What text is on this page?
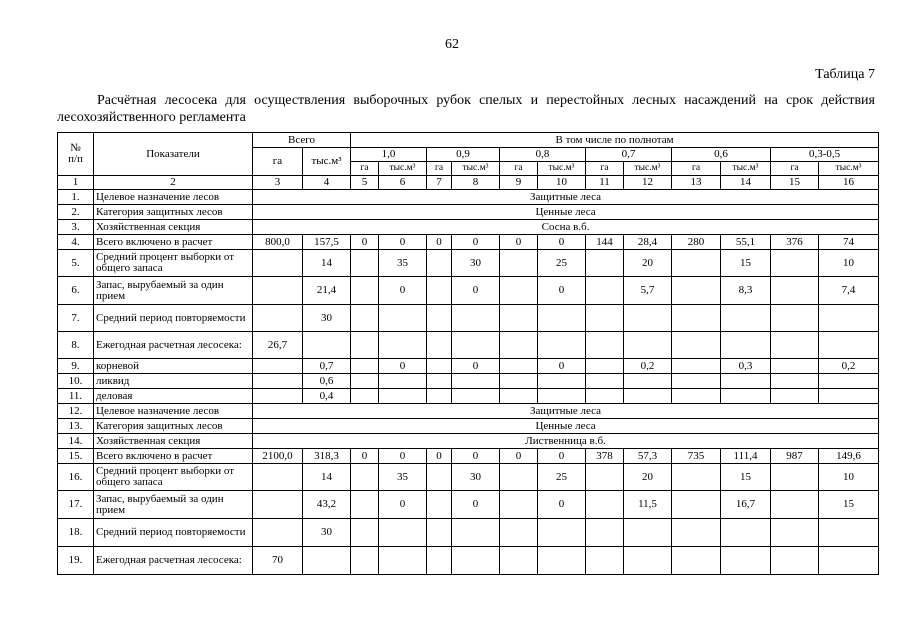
62
Таблица 7
Расчётная лесосека для осуществления выборочных рубок спелых и перестойных лесных насаждений на срок действия лесохозяйственного регламента
№ п/п	Показатели	Всего		В том числе по полнотам											
		га	тыс.м³	1,0		0,9		0,8		0,7		0,6		0,3-0,5	
				га	тыс.м³	га	тыс.м³	га	тыс.м³	га	тыс.м³	га	тыс.м³	га	тыс.м³
1	2	3	4	5	6	7	8	9	10	11	12	13	14	15	16
1.	Целевое назначение лесов	Защитные леса													
2.	Категория защитных лесов	Ценные леса													
3.	Хозяйственная секция	Сосна в.б.													
4.	Всего включено в расчет	800,0	157,5	0	0	0	0	0	0	144	28,4	280	55,1	376	74
5.	Средний процент выборки от общего запаса		14		35		30		25		20		15		10
6.	Запас, вырубаемый за один прием		21,4		0		0		0		5,7		8,3		7,4
7.	Средний период повторяемости		30												
8.	Ежегодная расчетная лесосека:	26,7													
9.	корневой		0,7		0		0		0		0,2		0,3		0,2
10.	ликвид		0,6												
11.	деловая		0,4												
12.	Целевое назначение лесов	Защитные леса													
13.	Категория защитных лесов	Ценные леса													
14.	Хозяйственная секция	Лиственница в.б.													
15.	Всего включено в расчет	2100,0	318,3	0	0	0	0	0	0	378	57,3	735	111,4	987	149,6
16.	Средний процент выборки от общего запаса		14		35		30		25		20		15		10
17.	Запас, вырубаемый за один прием		43,2		0		0		0		11,5		16,7		15
18.	Средний период повторяемости		30												
19.	Ежегодная расчетная лесосека:	70													
